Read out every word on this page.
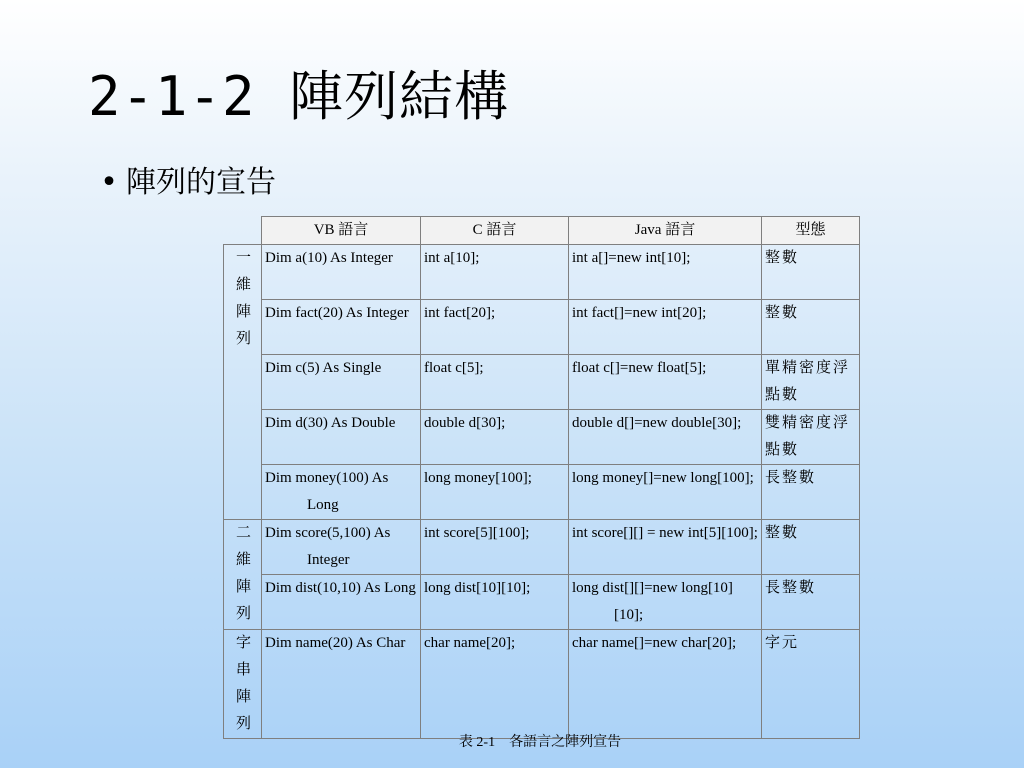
2-1-2 陣列結構
• 陣列的宣告
	VB 語言	C 語言	Java 語言	型態

一維陣列	Dim a(10) As Integer	int a[10];	int a[]=new int[10];	整數

	Dim fact(20) As Integer	int fact[20];	int fact[]=new int[20];	整數

	Dim c(5) As Single	float c[5];	float c[]=new float[5];	單精密度浮點數

	Dim d(30) As Double	double d[30];	double d[]=new double[30];	雙精密度浮點數

	Dim money(100) As Long	long money[100];	long money[]=new long[100];	長整數

二維陣列	Dim score(5,100) As Integer	int score[5][100];	int score[][] = new int[5][100];	整數

	Dim dist(10,10) As Long	long dist[10][10];	long dist[][]=new long[10][10];	長整數

字串陣列	Dim name(20) As Char	char name[20];	char name[]=new char[20];	字元
表 2-1　各語言之陣列宣告
